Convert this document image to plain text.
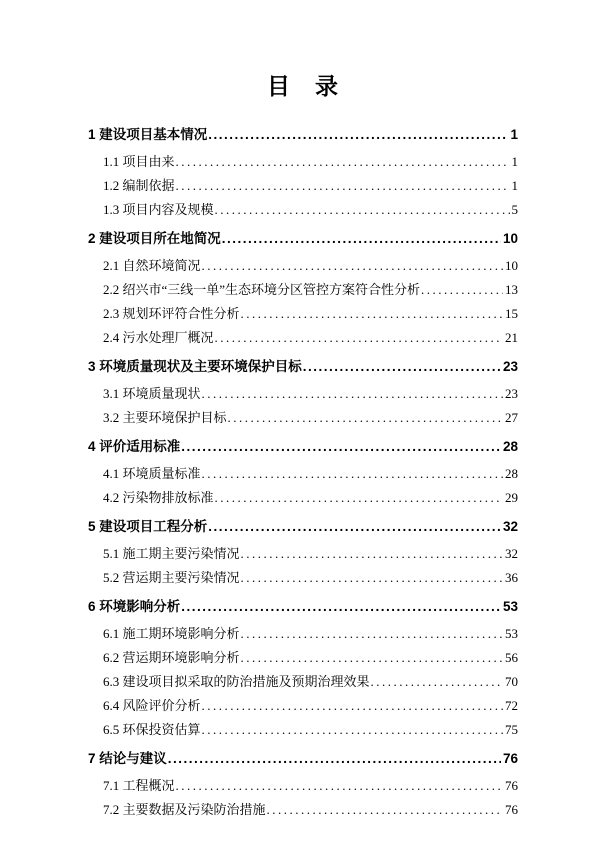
目　录
1 建设项目基本情况 .....	1
1.1 项目由来 .....	1
1.2 编制依据 .....	1
1.3 项目内容及规模 .....	5
2 建设项目所在地简况 .....	10
2.1 自然环境简况 .....	10
2.2 绍兴市“三线一单”生态环境分区管控方案符合性分析 .....	13
2.3 规划环评符合性分析 .....	15
2.4 污水处理厂概况 .....	21
3 环境质量现状及主要环境保护目标 .....	23
3.1 环境质量现状 .....	23
3.2 主要环境保护目标 .....	27
4 评价适用标准 .....	28
4.1 环境质量标准 .....	28
4.2 污染物排放标准 .....	29
5 建设项目工程分析 .....	32
5.1 施工期主要污染情况 .....	32
5.2 营运期主要污染情况 .....	36
6 环境影响分析 .....	53
6.1 施工期环境影响分析 .....	53
6.2 营运期环境影响分析 .....	56
6.3 建设项目拟采取的防治措施及预期治理效果 .....	70
6.4 风险评价分析 .....	72
6.5 环保投资估算 .....	75
7 结论与建议 .....	76
7.1 工程概况 .....	76
7.2 主要数据及污染防治措施 .....	76
